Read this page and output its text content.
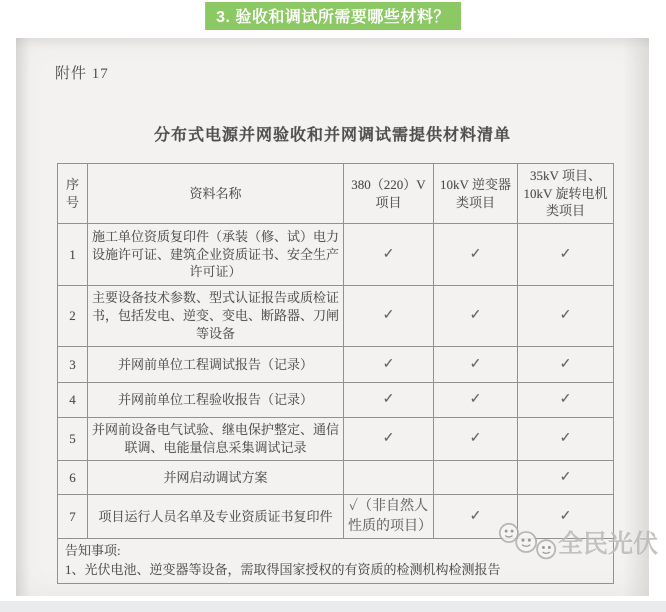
3. 验收和调试所需要哪些材料？
附件 17
分布式电源并网验收和并网调试需提供材料清单
序号	资料名称	380（220）V 项目	10kV 逆变器类项目	35kV 项目、10kV 旋转电机类项目
1	施工单位资质复印件（承装（修、试）电力设施许可证、建筑企业资质证书、安全生产许可证）	✓	✓	✓
2	主要设备技术参数、型式认证报告或质检证书，包括发电、逆变、变电、断路器、刀闸等设备	✓	✓	✓
3	并网前单位工程调试报告（记录）	✓	✓	✓
4	并网前单位工程验收报告（记录）	✓	✓	✓
5	并网前设备电气试验、继电保护整定、通信联调、电能量信息采集调试记录	✓	✓	✓
6	并网启动调试方案			✓
7	项目运行人员名单及专业资质证书复印件	✓（非自然人性质的项目）	✓	✓

告知事项:
1、光伏电池、逆变器等设备，需取得国家授权的有资质的检测机构检测报告				
全民光伏
